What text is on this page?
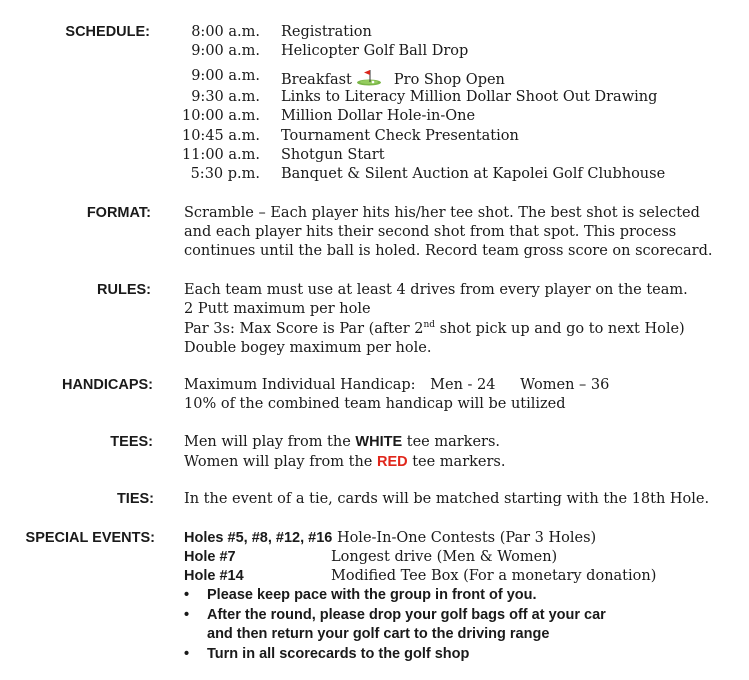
SCHEDULE:	8:00 a.m. Registration
9:00 a.m. Helicopter Golf Ball Drop
9:00 a.m. Breakfast	Pro Shop Open
9:30 a.m. Links to Literacy Million Dollar Shoot Out Drawing
10:00 a.m. Million Dollar Hole-in-One
10:45 a.m. Tournament Check Presentation
11:00 a.m. Shotgun Start
5:30 p.m. Banquet & Silent Auction at Kapolei Golf Clubhouse
FORMAT: Scramble – Each player hits his/her tee shot. The best shot is selected
and each player hits their second shot from that spot. This process
continues until the ball is holed. Record team gross score on scorecard.
RULES: Each team must use at least 4 drives from every player on the team.
2 Putt maximum per hole
Par 3s: Max Score is Par (after 2nd shot pick up and go to next Hole)
Double bogey maximum per hole.
HANDICAPS: Maximum Individual Handicap: Men - 24 Women – 36
10% of the combined team handicap will be utilized
TEES: Men will play from the WHITE tee markers.
Women will play from the RED tee markers.
TIES: In the event of a tie, cards will be matched starting with the 18th Hole.
SPECIAL EVENTS: Holes #5, #8, #12, #16 Hole-In-One Contests (Par 3 Holes)
Hole #7	Longest drive (Men & Women)
Hole #14	Modified Tee Box (For a monetary donation)
• Please keep pace with the group in front of you.
• After the round, please drop your golf bags off at your car
and then return your golf cart to the driving range
• Turn in all scorecards to the golf shop
